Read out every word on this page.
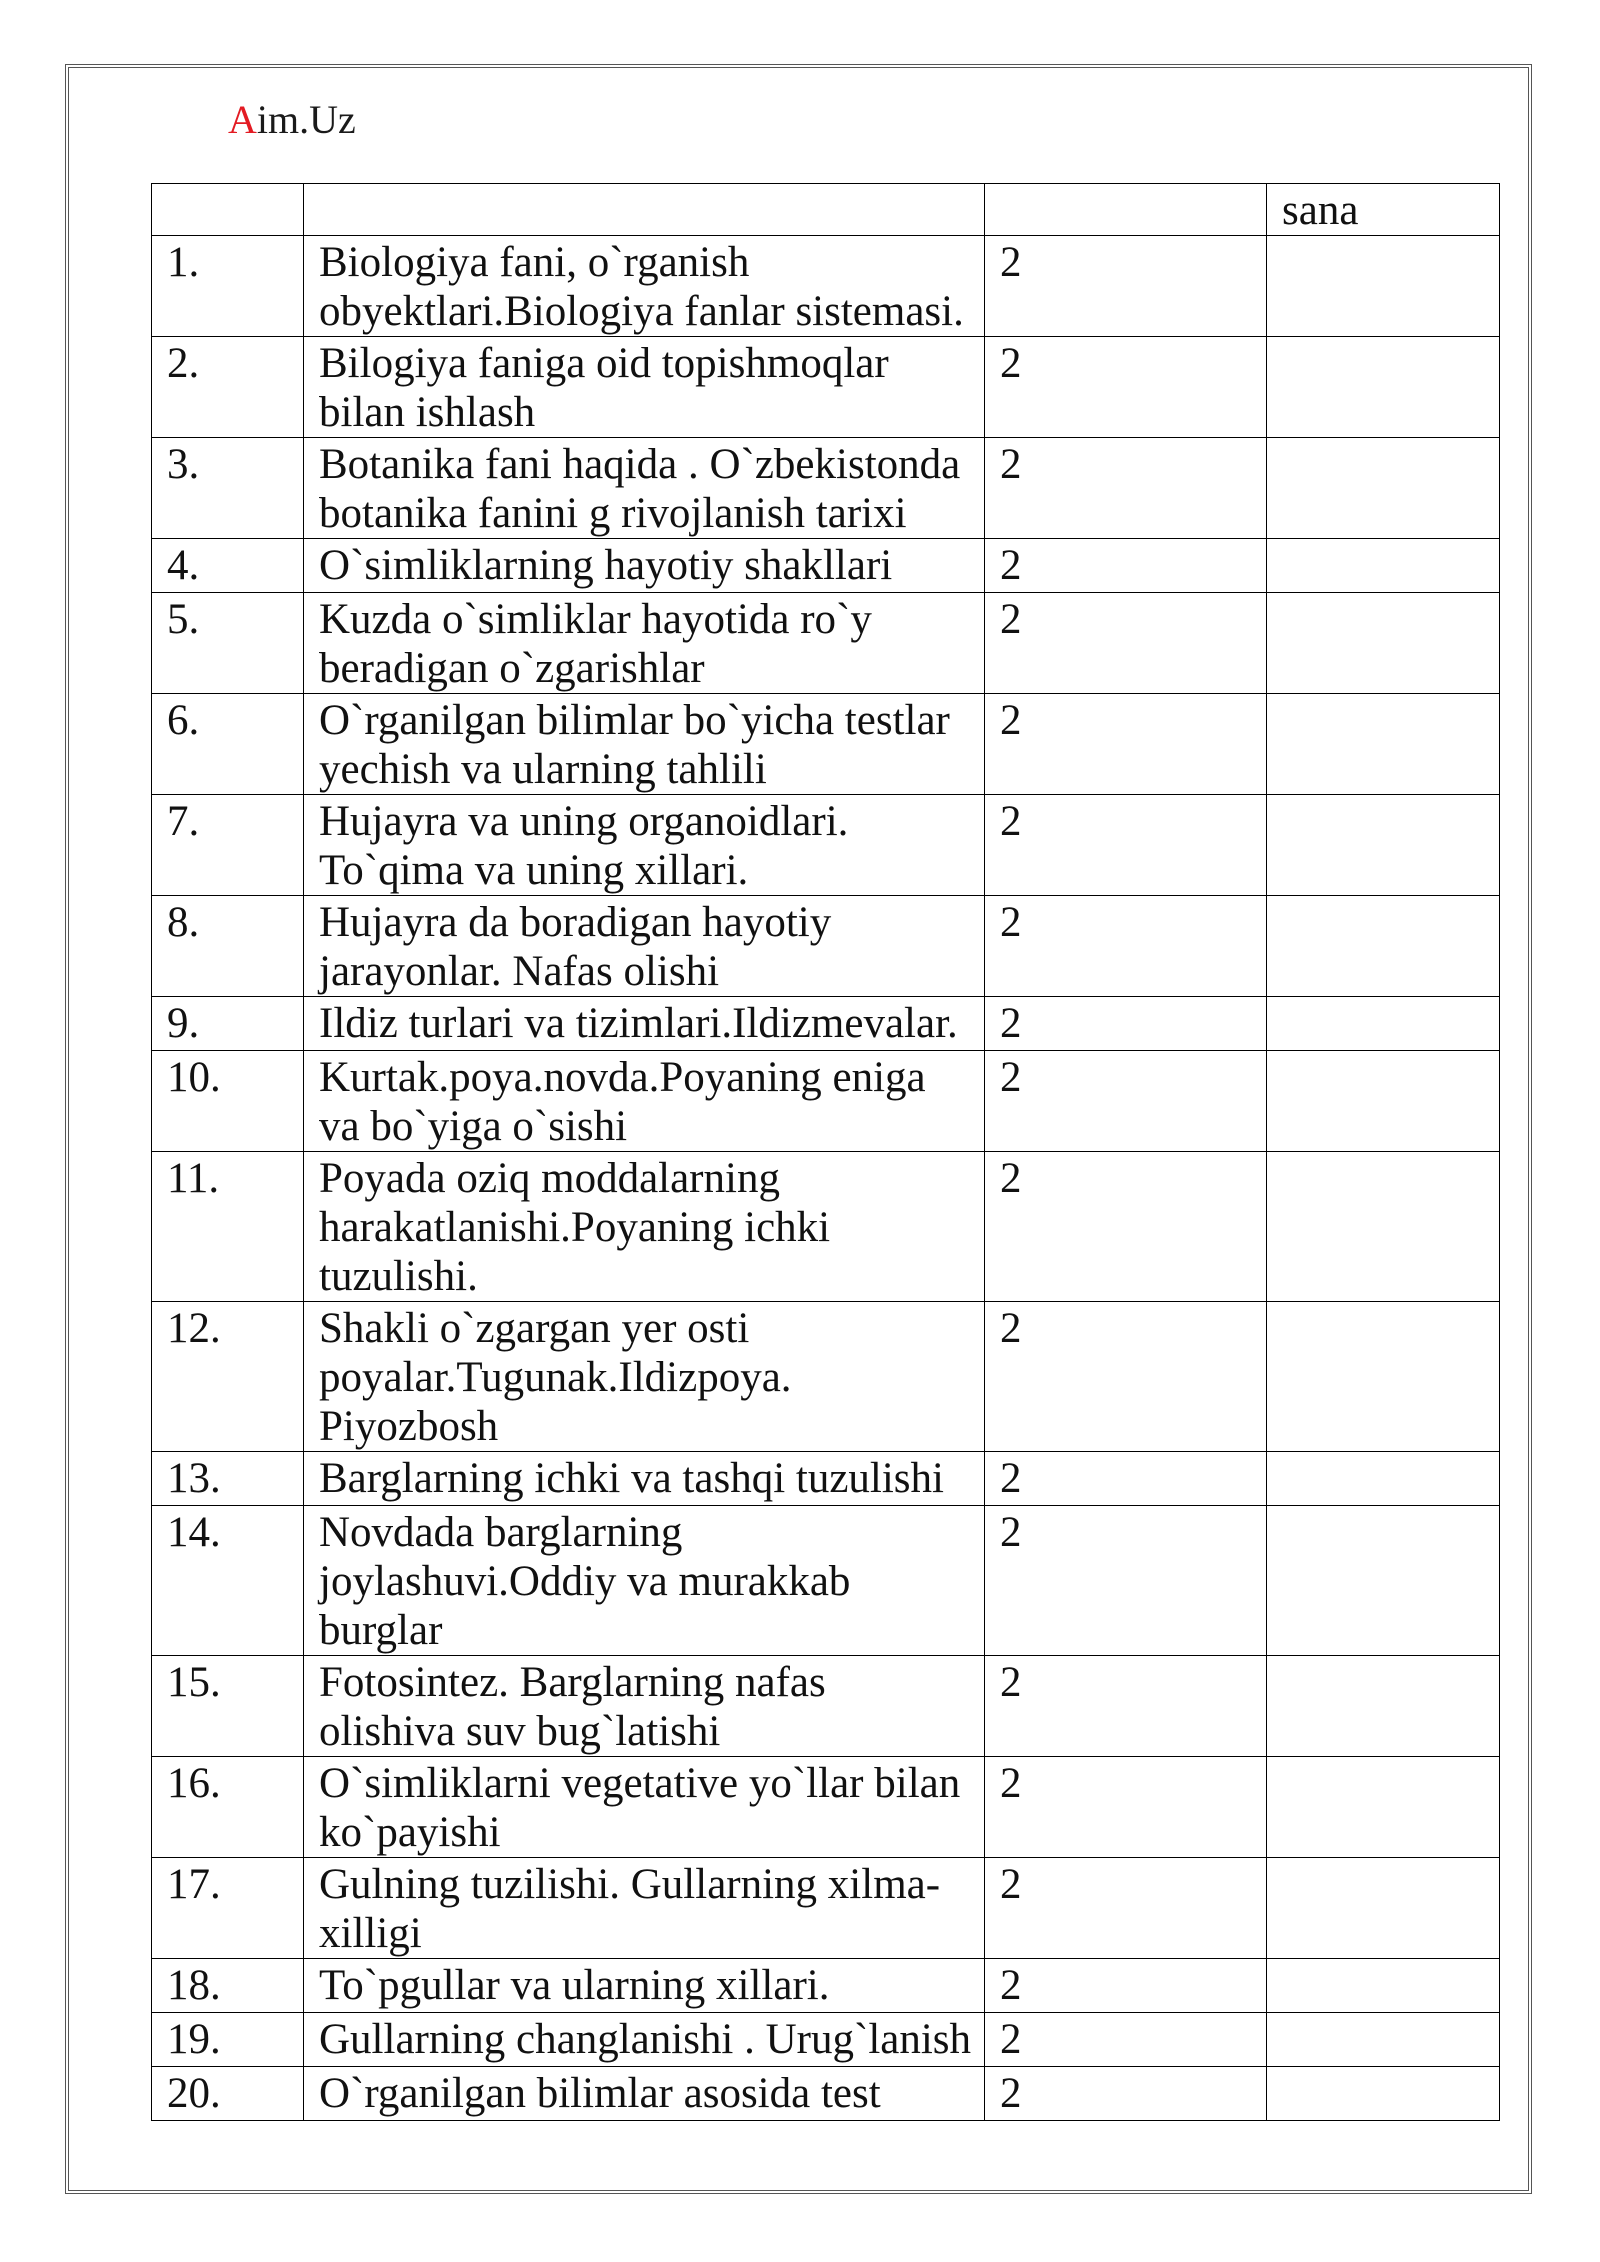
Aim.Uz
			sana
1.	Biologiya fani, o`rganish
obyektlari.Biologiya fanlar sistemasi.	2	
2.	Bilogiya faniga oid topishmoqlar
bilan ishlash	2	
3.	Botanika fani haqida . O`zbekistonda
botanika fanini g rivojlanish tarixi	2	
4.	O`simliklarning hayotiy shakllari	2	
5.	Kuzda o`simliklar hayotida ro`y
beradigan o`zgarishlar	2	
6.	O`rganilgan bilimlar bo`yicha testlar
yechish va ularning tahlili	2	
7.	Hujayra va uning organoidlari.
To`qima va uning xillari.	2	
8.	Hujayra da boradigan hayotiy
jarayonlar. Nafas olishi	2	
9.	Ildiz turlari va tizimlari.Ildizmevalar.	2	
10.	Kurtak.poya.novda.Poyaning eniga
va bo`yiga o`sishi	2	
11.	Poyada oziq moddalarning
harakatlanishi.Poyaning ichki
tuzulishi.	2	
12.	Shakli o`zgargan yer osti
poyalar.Tugunak.Ildizpoya.
Piyozbosh	2	
13.	Barglarning ichki va tashqi tuzulishi	2	
14.	Novdada barglarning
joylashuvi.Oddiy va murakkab
burglar	2	
15.	Fotosintez. Barglarning nafas
olishiva suv bug`latishi	2	
16.	O`simliklarni vegetative yo`llar bilan
ko`payishi	2	
17.	Gulning tuzilishi. Gullarning xilma-
xilligi	2	
18.	To`pgullar va ularning xillari.	2	
19.	Gullarning changlanishi . Urug`lanish	2	
20.	O`rganilgan bilimlar asosida test	2	
